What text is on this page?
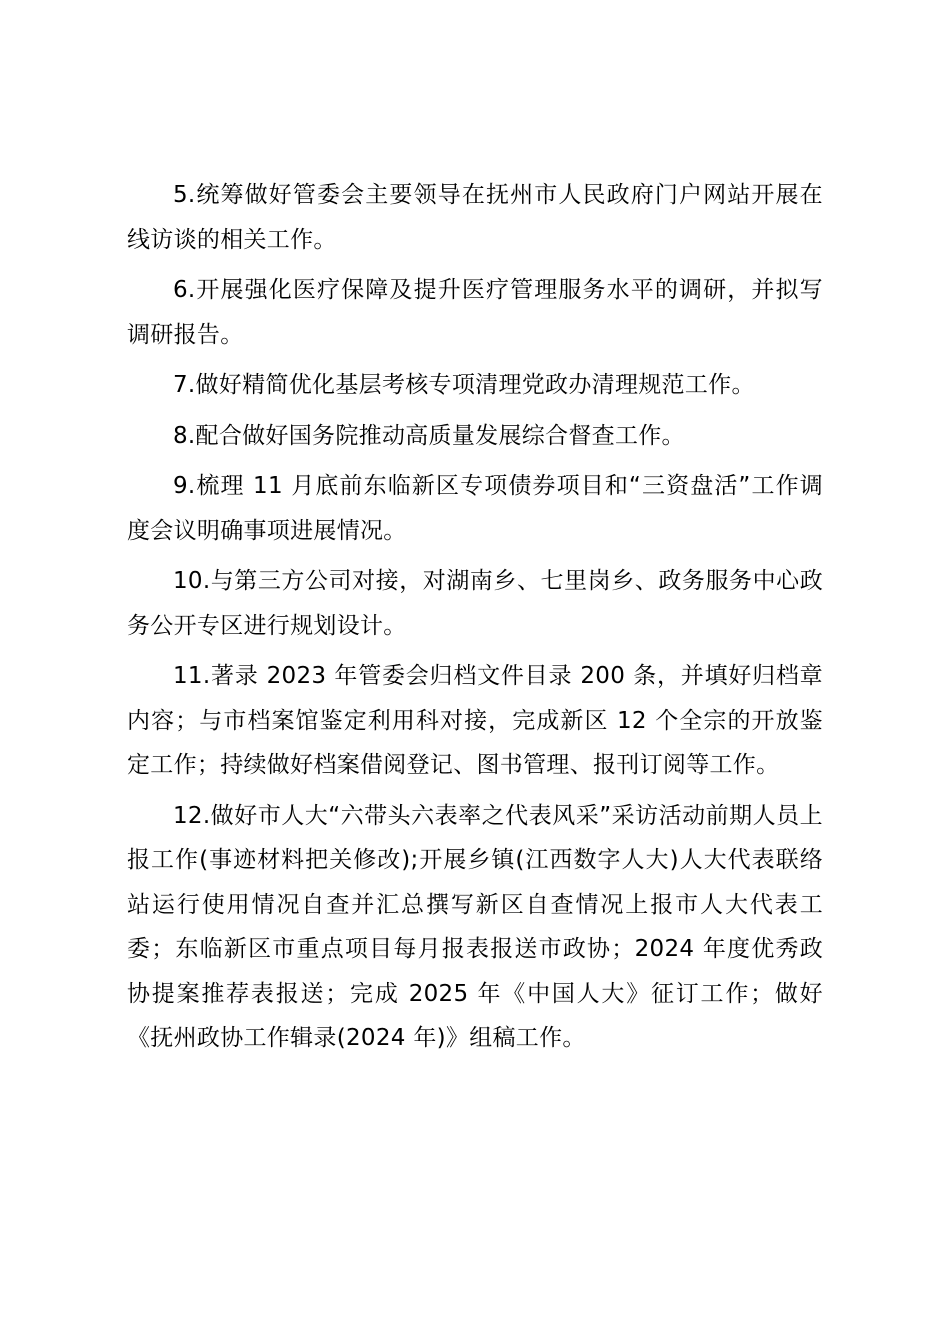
5.统筹做好管委会主要领导在抚州市人民政府门户网站开展在线访谈的相关工作。

6.开展强化医疗保障及提升医疗管理服务水平的调研，并拟写调研报告。

7.做好精简优化基层考核专项清理党政办清理规范工作。

8.配合做好国务院推动高质量发展综合督查工作。

9.梳理 11 月底前东临新区专项债券项目和“三资盘活”工作调度会议明确事项进展情况。

10.与第三方公司对接，对湖南乡、七里岗乡、政务服务中心政务公开专区进行规划设计。

11.著录 2023 年管委会归档文件目录 200 条，并填好归档章内容；与市档案馆鉴定利用科对接，完成新区 12 个全宗的开放鉴定工作；持续做好档案借阅登记、图书管理、报刊订阅等工作。

12.做好市人大“六带头六表率之代表风采”采访活动前期人员上报工作(事迹材料把关修改);开展乡镇(江西数字人大)人大代表联络站运行使用情况自查并汇总撰写新区自查情况上报市人大代表工委；东临新区市重点项目每月报表报送市政协；2024 年度优秀政协提案推荐表报送；完成 2025 年《中国人大》征订工作；做好《抚州政协工作辑录(2024 年)》组稿工作。
